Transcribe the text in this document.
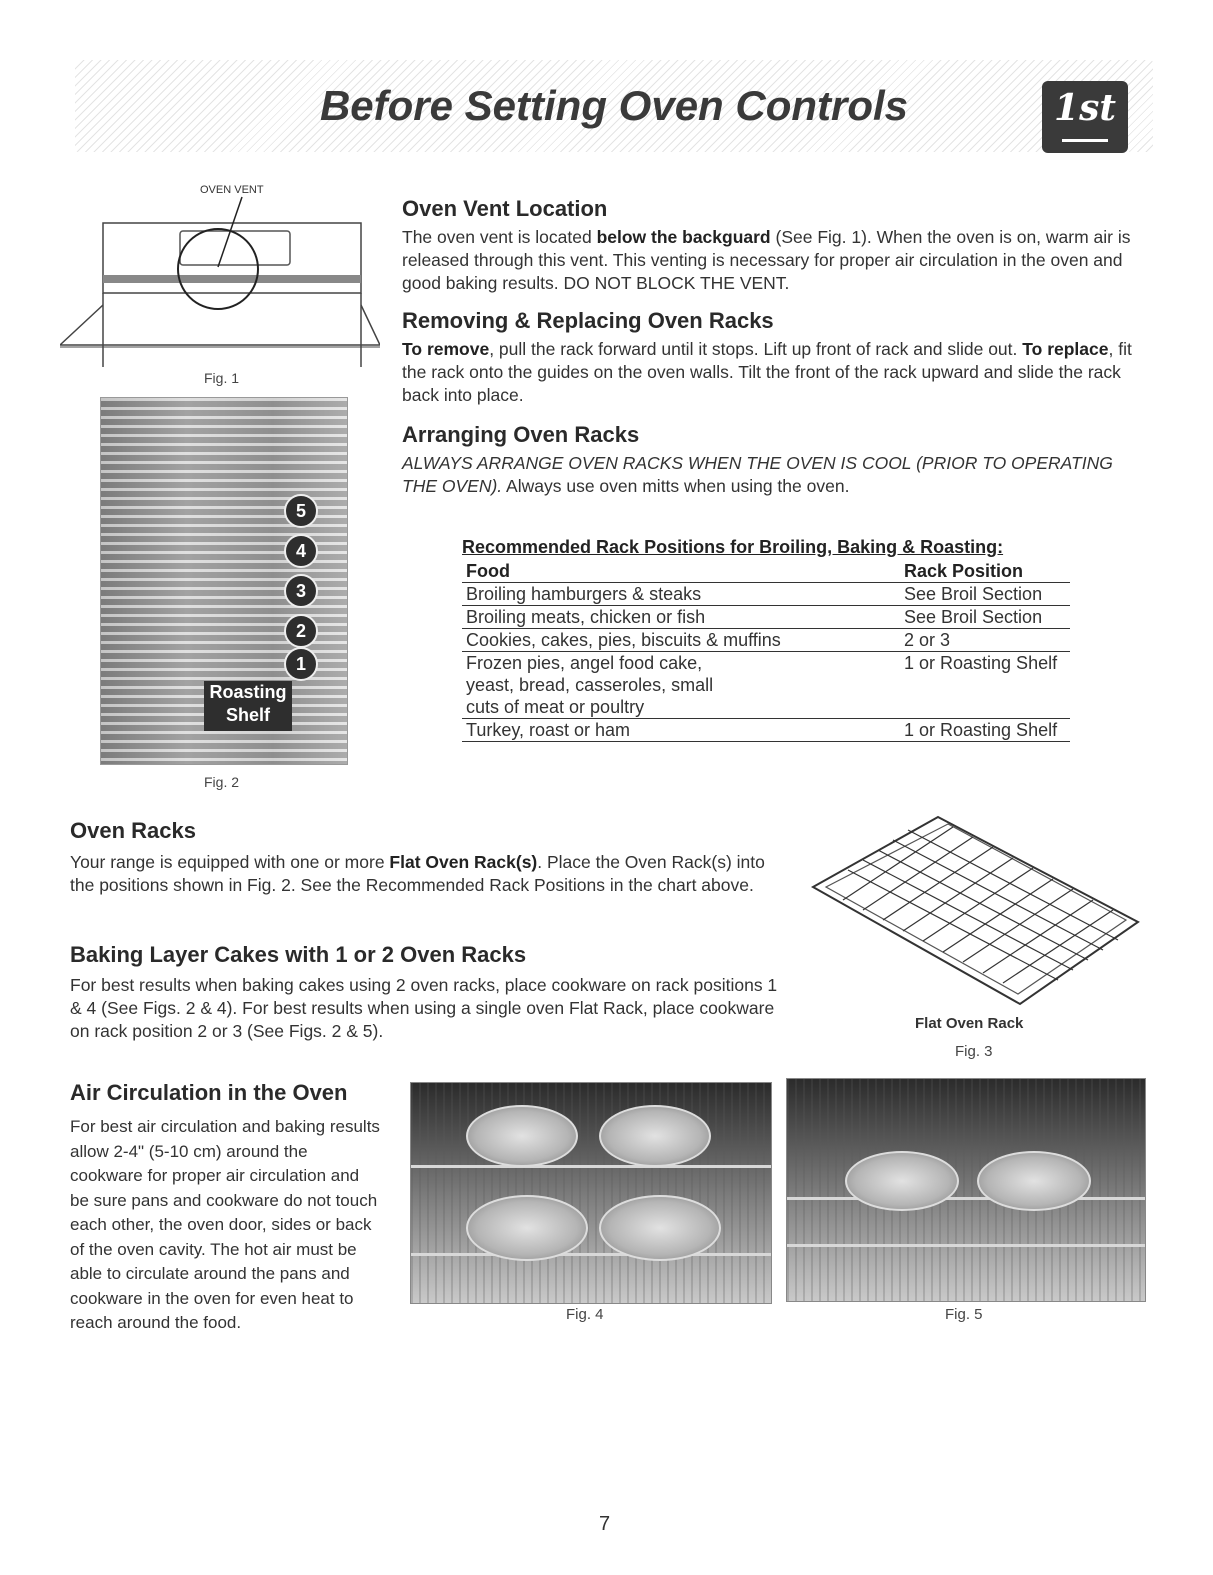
Before Setting Oven Controls	1st
OVEN VENT
Fig. 1
5
4
3
2
1
Roasting
Shelf
Fig. 2
Oven Vent Location

The oven vent is located below the backguard (See Fig. 1). When the oven is on, warm air is released through this vent. This venting is necessary for proper air circulation in the oven and good baking results. DO NOT BLOCK THE VENT.

Removing & Replacing Oven Racks

To remove, pull the rack forward until it stops. Lift up front of rack and slide out. To replace, fit the rack onto the guides on the oven walls. Tilt the front of the rack upward and slide the rack back into place.

Arranging Oven Racks

ALWAYS ARRANGE OVEN RACKS WHEN THE OVEN IS COOL (PRIOR TO OPERATING THE OVEN). Always use oven mitts when using the oven.

Recommended Rack Positions for Broiling, Baking & Roasting:
Food	Rack Position
Broiling hamburgers & steaks	See Broil Section
Broiling meats, chicken or fish	See Broil Section
Cookies, cakes, pies, biscuits & muffins	2 or 3
Frozen pies, angel food cake,	1 or Roasting Shelf
yeast, bread, casseroles, small	
cuts of meat or poultry	
Turkey, roast or ham	1 or Roasting Shelf
Oven Racks

Your range is equipped with one or more Flat Oven Rack(s). Place the Oven Rack(s) into the positions shown in Fig. 2. See the Recommended Rack Positions in the chart above.

Flat Oven Rack
Fig. 3
Baking Layer Cakes with 1 or 2 Oven Racks

For best results when baking cakes using 2 oven racks, place cookware on rack positions 1 & 4 (See Figs. 2 & 4). For best results when using a single oven Flat Rack, place cookware on rack position 2 or 3 (See Figs. 2 & 5).

Air Circulation in the Oven

For best air circulation and baking results allow 2-4" (5-10 cm) around the cookware for proper air circulation and be sure pans and cookware do not touch each other, the oven door, sides or back of the oven cavity. The hot air must be able to circulate around the pans and cookware in the oven for even heat to reach around the food.	Fig. 4	Fig. 5
7
